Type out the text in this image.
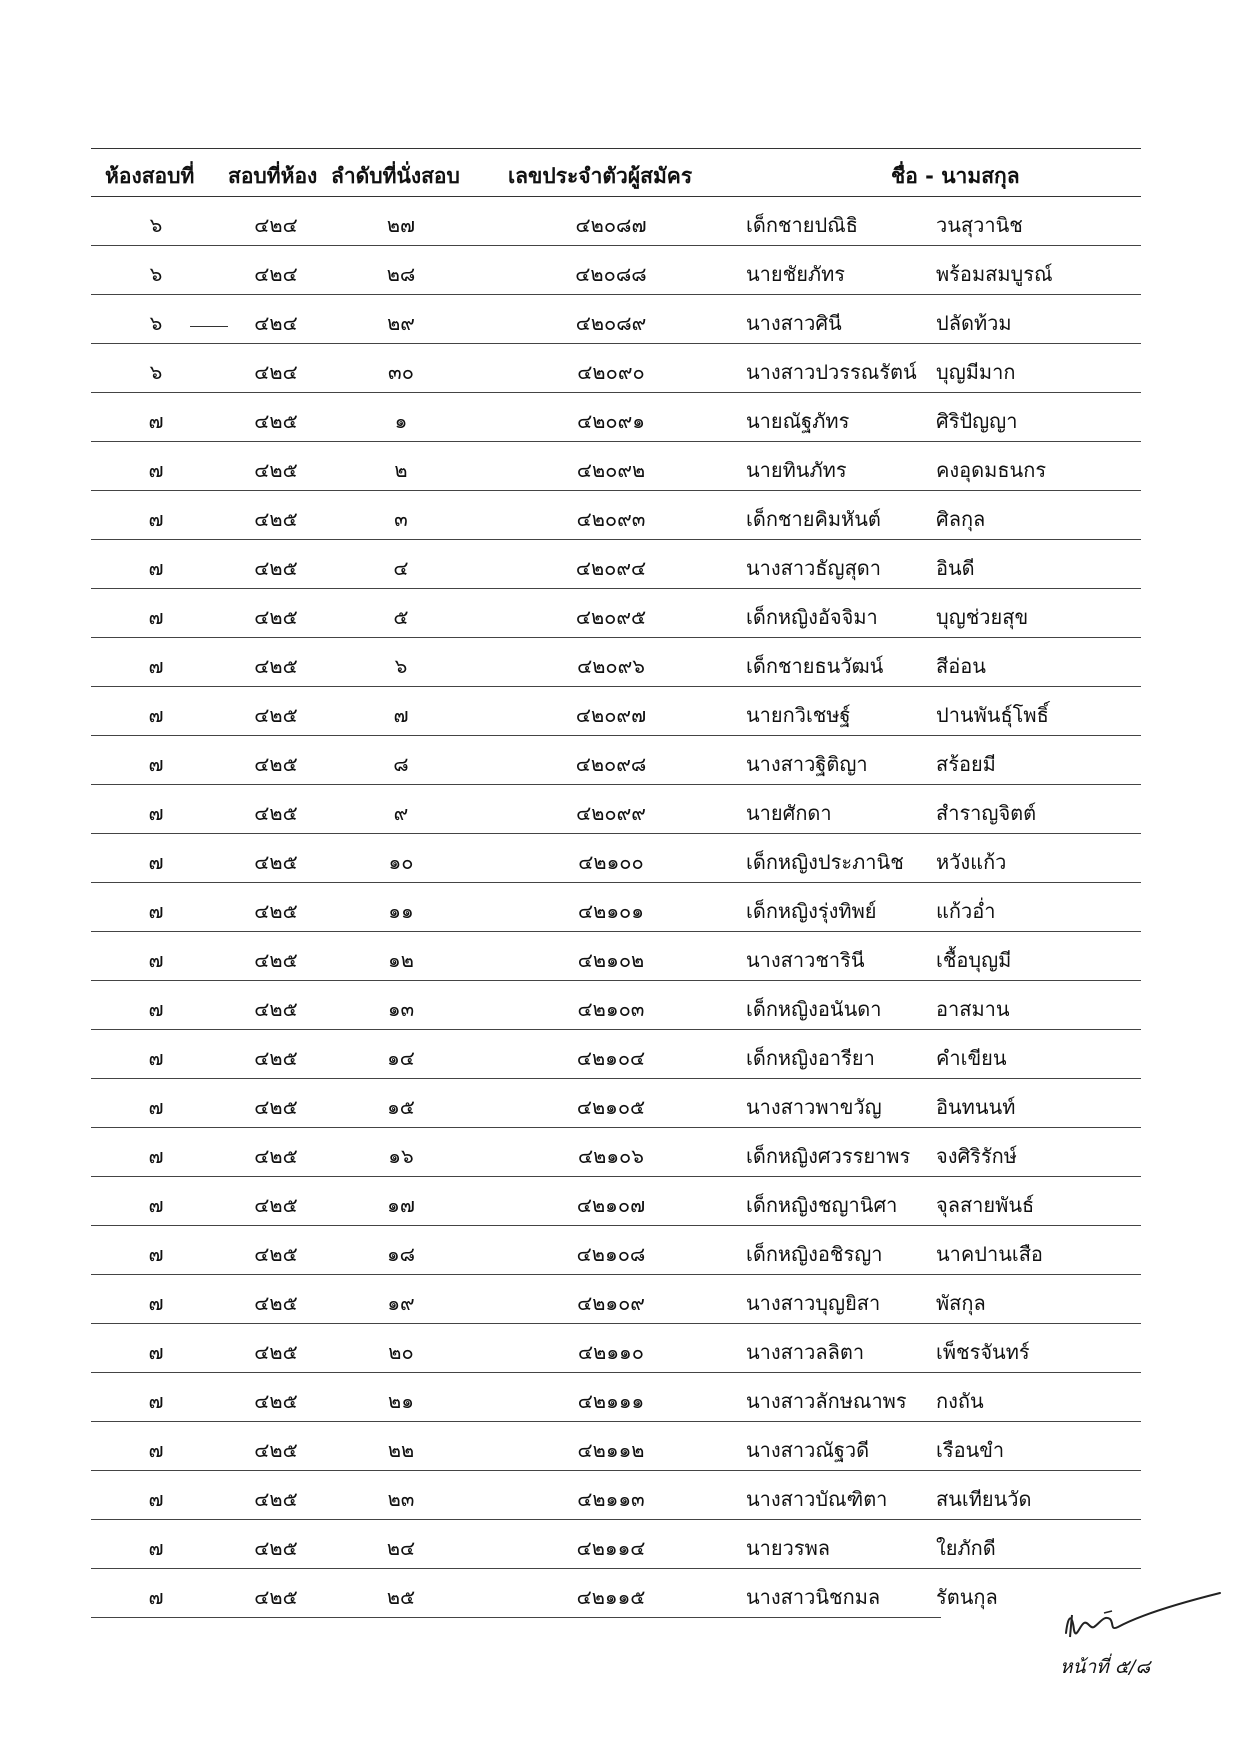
ห้องสอบที่ สอบที่ห้อง ลำดับที่นั่งสอบ เลขประจำตัวผู้สมัคร	ชื่อ - นามสกุล
๖	๔๒๔	๒๗	๔๒๐๘๗	เด็กชายปณิธิ	วนสุวานิช
๖	๔๒๔	๒๘	๔๒๐๘๘	นายชัยภัทร	พร้อมสมบูรณ์
๖	๔๒๔	๒๙	๔๒๐๘๙	นางสาวศินี	ปลัดท้วม
๖	๔๒๔	๓๐	๔๒๐๙๐	นางสาวปวรรณรัตน์ บุญมีมาก
๗	๔๒๕	๑	๔๒๐๙๑	นายณัฐภัทร	ศิริปัญญา
๗	๔๒๕	๒	๔๒๐๙๒	นายทินภัทร	คงอุดมธนกร
๗	๔๒๕	๓	๔๒๐๙๓	เด็กชายคิมหันต์	ศิลกุล
๗	๔๒๕	๔	๔๒๐๙๔	นางสาวธัญสุดา	อินดี
๗	๔๒๕	๕	๔๒๐๙๕	เด็กหญิงอัจจิมา	บุญช่วยสุข
๗	๔๒๕	๖	๔๒๐๙๖	เด็กชายธนวัฒน์	สีอ่อน
๗	๔๒๕	๗	๔๒๐๙๗	นายกวิเชษฐ์	ปานพันธุ์โพธิ์
๗	๔๒๕	๘	๔๒๐๙๘	นางสาวฐิติญา	สร้อยมี
๗	๔๒๕	๙	๔๒๐๙๙	นายศักดา	สำราญจิตต์
๗	๔๒๕	๑๐	๔๒๑๐๐	เด็กหญิงประภานิช หวังแก้ว
๗	๔๒๕	๑๑	๔๒๑๐๑	เด็กหญิงรุ่งทิพย์	แก้วอ่ำ
๗	๔๒๕	๑๒	๔๒๑๐๒	นางสาวชารินี	เชื้อบุญมี
๗	๔๒๕	๑๓	๔๒๑๐๓	เด็กหญิงอนันดา	อาสมาน
๗	๔๒๕	๑๔	๔๒๑๐๔	เด็กหญิงอารียา	คำเขียน
๗	๔๒๕	๑๕	๔๒๑๐๕	นางสาวพาขวัญ	อินทนนท์
๗	๔๒๕	๑๖	๔๒๑๐๖	เด็กหญิงศวรรยาพร จงศิริรักษ์
๗	๔๒๕	๑๗	๔๒๑๐๗	เด็กหญิงชญานิศา จุลสายพันธ์
๗	๔๒๕	๑๘	๔๒๑๐๘	เด็กหญิงอชิรญา	นาคปานเสือ
๗	๔๒๕	๑๙	๔๒๑๐๙	นางสาวบุญยิสา	พัสกุล
๗	๔๒๕	๒๐	๔๒๑๑๐	นางสาวลลิตา	เพ็ชรจันทร์
๗	๔๒๕	๒๑	๔๒๑๑๑	นางสาวลักษณาพร กงถัน
๗	๔๒๕	๒๒	๔๒๑๑๒	นางสาวณัฐวดี	เรือนขำ
๗	๔๒๕	๒๓	๔๒๑๑๓	นางสาวบัณฑิตา สนเทียนวัด
๗	๔๒๕	๒๔	๔๒๑๑๔	นายวรพล	ใยภักดี
๗	๔๒๕	๒๕	๔๒๑๑๕	นางสาวนิชกมล	รัตนกุล
หน้าที่ ๕/๘
